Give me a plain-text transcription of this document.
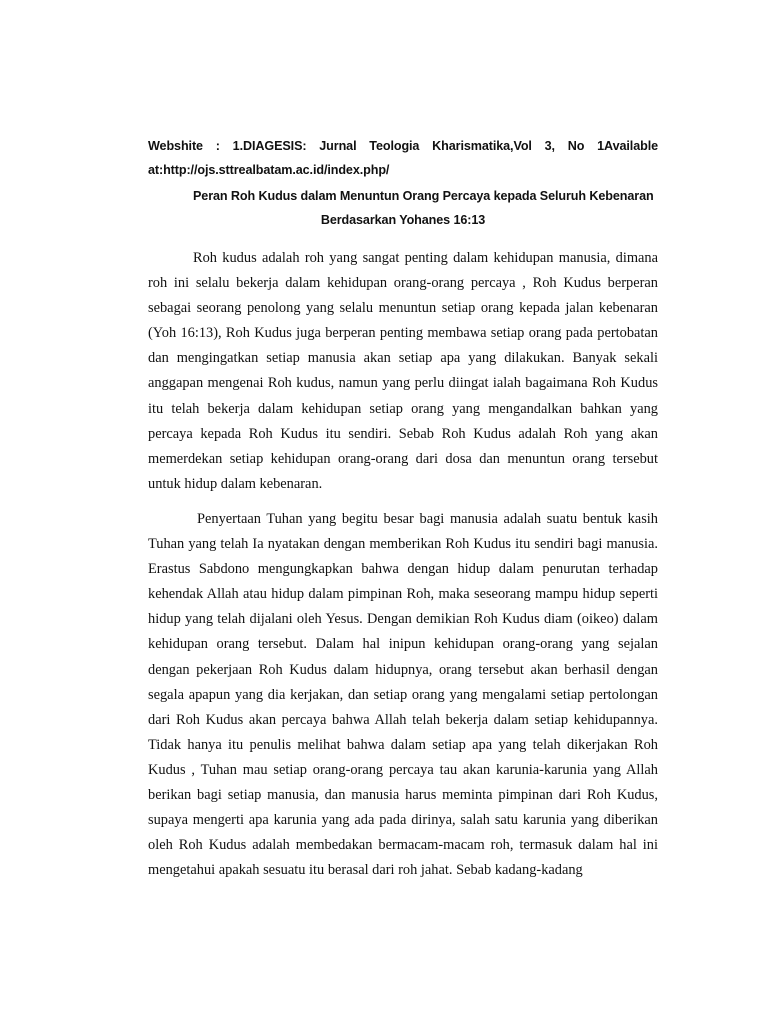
Webshite : 1.DIAGESIS: Jurnal Teologia Kharismatika,Vol 3, No 1Available at:http://ojs.sttrealbatam.ac.id/index.php/
Peran Roh Kudus dalam Menuntun Orang Percaya kepada Seluruh Kebenaran
Berdasarkan Yohanes 16:13

Roh kudus adalah roh yang sangat penting dalam kehidupan manusia, dimana roh ini selalu bekerja dalam kehidupan orang-orang percaya , Roh Kudus berperan sebagai seorang penolong yang selalu menuntun setiap orang kepada jalan kebenaran (Yoh 16:13), Roh Kudus juga berperan penting membawa setiap orang pada pertobatan dan mengingatkan setiap manusia akan setiap apa yang dilakukan. Banyak sekali anggapan mengenai Roh kudus, namun yang perlu diingat ialah bagaimana Roh Kudus itu telah bekerja dalam kehidupan setiap orang yang mengandalkan bahkan yang percaya kepada Roh Kudus itu sendiri. Sebab Roh Kudus adalah Roh yang akan memerdekan setiap kehidupan orang-orang dari dosa dan menuntun orang tersebut untuk hidup dalam kebenaran.

Penyertaan Tuhan yang begitu besar bagi manusia adalah suatu bentuk kasih Tuhan yang telah Ia nyatakan dengan memberikan Roh Kudus itu sendiri bagi manusia. Erastus Sabdono mengungkapkan bahwa dengan hidup dalam penurutan terhadap kehendak Allah atau hidup dalam pimpinan Roh, maka seseorang mampu hidup seperti hidup yang telah dijalani oleh Yesus. Dengan demikian Roh Kudus diam (oikeo) dalam kehidupan orang tersebut. Dalam hal inipun kehidupan orang-orang yang sejalan dengan pekerjaan Roh Kudus dalam hidupnya, orang tersebut akan berhasil dengan segala apapun yang dia kerjakan, dan setiap orang yang mengalami setiap pertolongan dari Roh Kudus akan percaya bahwa Allah telah bekerja dalam setiap kehidupannya. Tidak hanya itu penulis melihat bahwa dalam setiap apa yang telah dikerjakan Roh Kudus , Tuhan mau setiap orang-orang percaya tau akan karunia-karunia yang Allah berikan bagi setiap manusia, dan manusia harus meminta pimpinan dari Roh Kudus, supaya mengerti apa karunia yang ada pada dirinya, salah satu karunia yang diberikan oleh Roh Kudus adalah membedakan bermacam-macam roh, termasuk dalam hal ini mengetahui apakah sesuatu itu berasal dari roh jahat. Sebab kadang-kadang
